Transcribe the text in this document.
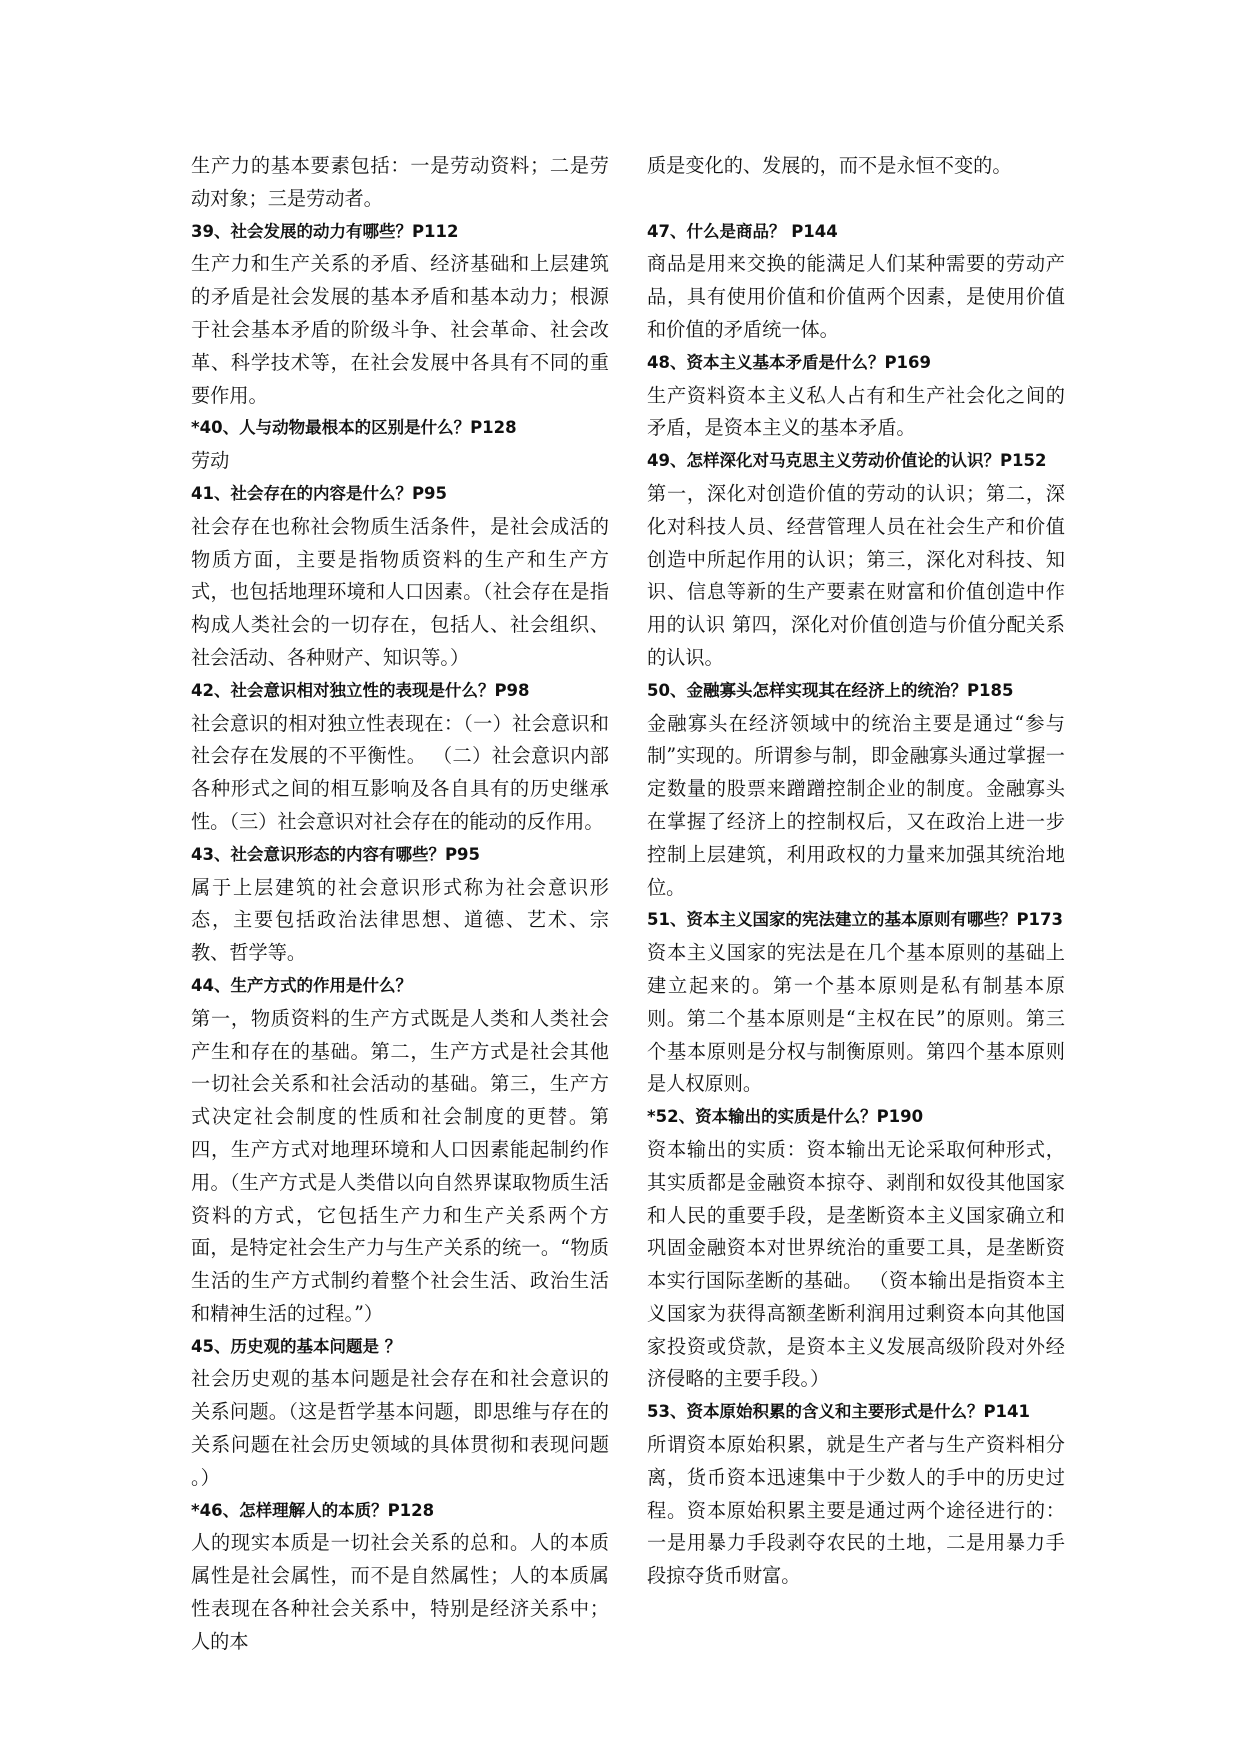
生产力的基本要素包括：一是劳动资料；二是劳动对象；三是劳动者。

39、社会发展的动力有哪些？P112

生产力和生产关系的矛盾、经济基础和上层建筑的矛盾是社会发展的基本矛盾和基本动力；根源于社会基本矛盾的阶级斗争、社会革命、社会改革、科学技术等，在社会发展中各具有不同的重要作用。

*40、人与动物最根本的区别是什么？P128

劳动

41、社会存在的内容是什么？P95

社会存在也称社会物质生活条件，是社会成活的物质方面，主要是指物质资料的生产和生产方式，也包括地理环境和人口因素。（社会存在是指构成人类社会的一切存在，包括人、社会组织、社会活动、各种财产、知识等。）

42、社会意识相对独立性的表现是什么？P98

社会意识的相对独立性表现在：（一）社会意识和社会存在发展的不平衡性。 （二）社会意识内部各种形式之间的相互影响及各自具有的历史继承性。（三）社会意识对社会存在的能动的反作用。

43、社会意识形态的内容有哪些？P95

属于上层建筑的社会意识形式称为社会意识形态，主要包括政治法律思想、道德、艺术、宗教、哲学等。

44、生产方式的作用是什么？

第一，物质资料的生产方式既是人类和人类社会产生和存在的基础。第二，生产方式是社会其他一切社会关系和社会活动的基础。第三，生产方式决定社会制度的性质和社会制度的更替。第四，生产方式对地理环境和人口因素能起制约作用。（生产方式是人类借以向自然界谋取物质生活资料的方式，它包括生产力和生产关系两个方面，是特定社会生产力与生产关系的统一。“物质生活的生产方式制约着整个社会生活、政治生活和精神生活的过程。”）

45、历史观的基本问题是 ？

社会历史观的基本问题是社会存在和社会意识的关系问题。（这是哲学基本问题，即思维与存在的关系问题在社会历史领域的具体贯彻和表现问题 。）

*46、怎样理解人的本质？P128

人的现实本质是一切社会关系的总和。人的本质属性是社会属性，而不是自然属性；人的本质属性表现在各种社会关系中，特别是经济关系中；人的本

质是变化的、发展的，而不是永恒不变的。

47、什么是商品？ P144

商品是用来交换的能满足人们某种需要的劳动产品，具有使用价值和价值两个因素，是使用价值和价值的矛盾统一体。

48、资本主义基本矛盾是什么？P169

生产资料资本主义私人占有和生产社会化之间的矛盾，是资本主义的基本矛盾。

49、怎样深化对马克思主义劳动价值论的认识？P152

第一，深化对创造价值的劳动的认识；第二，深化对科技人员、经营管理人员在社会生产和价值创造中所起作用的认识；第三，深化对科技、知识、信息等新的生产要素在财富和价值创造中作用的认识 第四，深化对价值创造与价值分配关系的认识。

50、金融寡头怎样实现其在经济上的统治？P185

金融寡头在经济领域中的统治主要是通过“参与制”实现的。所谓参与制，即金融寡头通过掌握一定数量的股票来蹭蹭控制企业的制度。金融寡头在掌握了经济上的控制权后，又在政治上进一步控制上层建筑，利用政权的力量来加强其统治地位。

51、资本主义国家的宪法建立的基本原则有哪些？P173

资本主义国家的宪法是在几个基本原则的基础上建立起来的。第一个基本原则是私有制基本原则。第二个基本原则是“主权在民”的原则。第三个基本原则是分权与制衡原则。第四个基本原则是人权原则。

*52、资本输出的实质是什么？P190

资本输出的实质：资本输出无论采取何种形式，其实质都是金融资本掠夺、剥削和奴役其他国家和人民的重要手段，是垄断资本主义国家确立和巩固金融资本对世界统治的重要工具，是垄断资本实行国际垄断的基础。 （资本输出是指资本主义国家为获得高额垄断利润用过剩资本向其他国家投资或贷款，是资本主义发展高级阶段对外经济侵略的主要手段。）

53、资本原始积累的含义和主要形式是什么？P141

所谓资本原始积累，就是生产者与生产资料相分离，货币资本迅速集中于少数人的手中的历史过程。资本原始积累主要是通过两个途径进行的：一是用暴力手段剥夺农民的土地，二是用暴力手段掠夺货币财富。
